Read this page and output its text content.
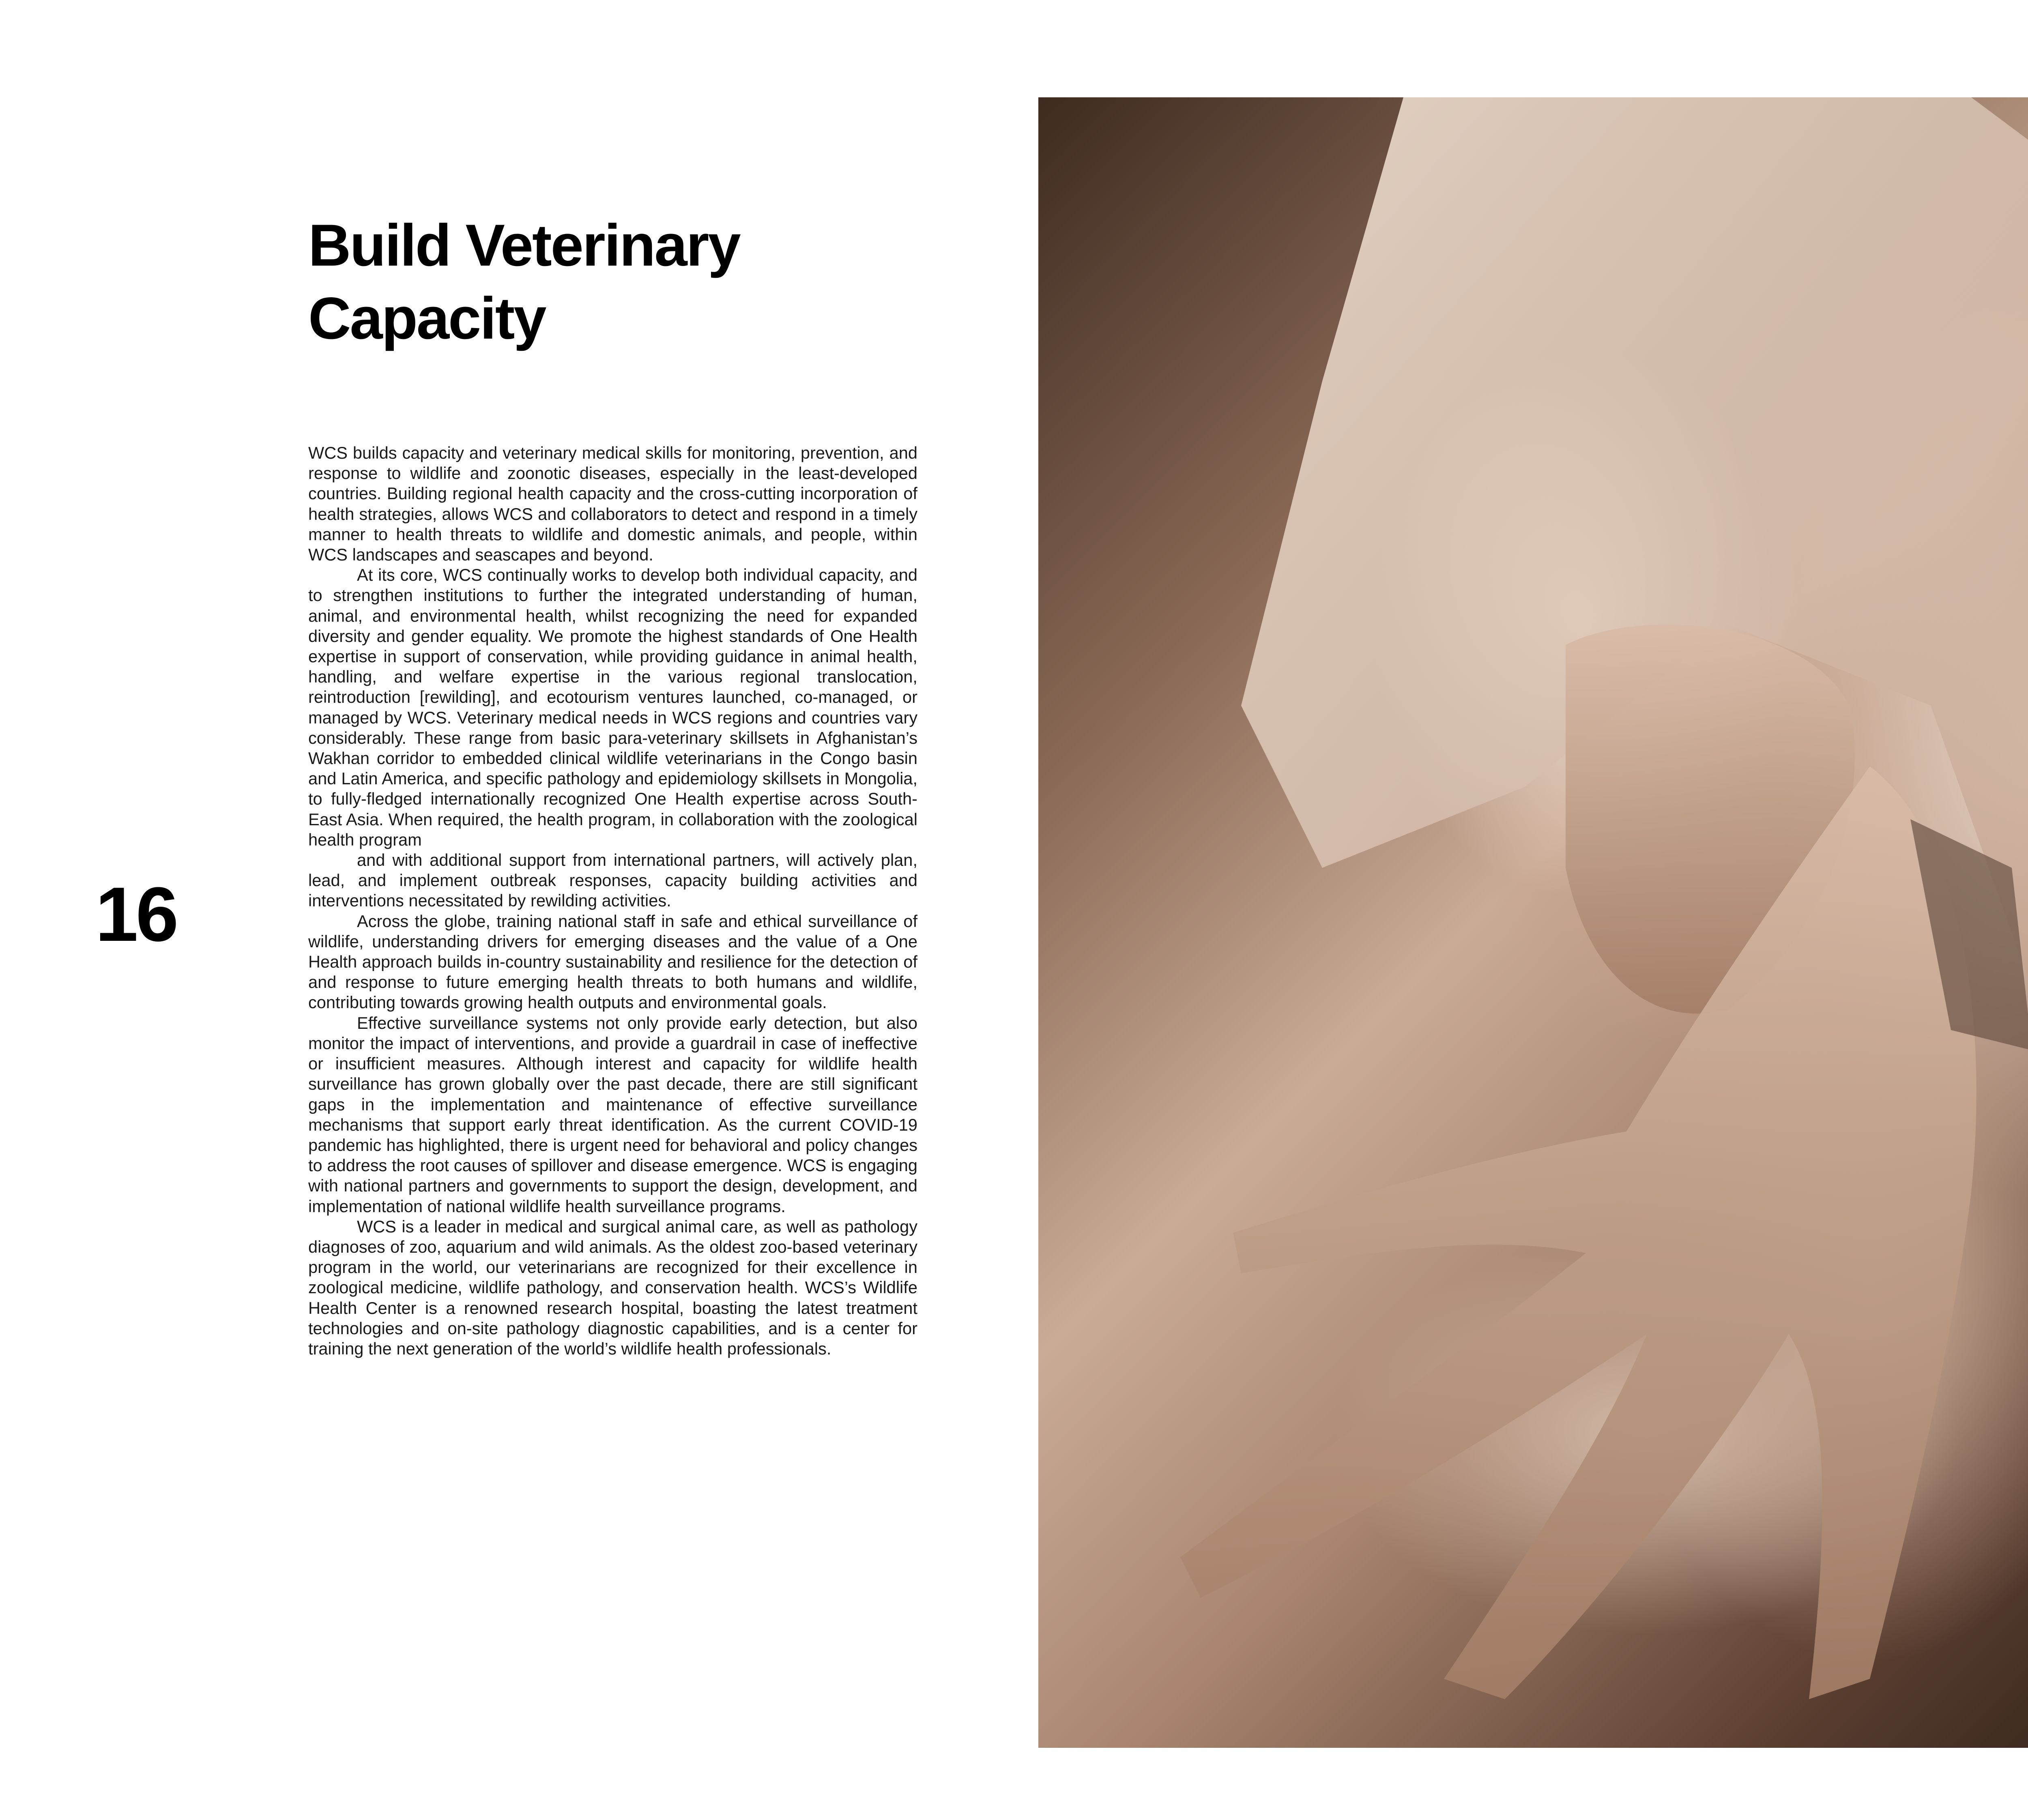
16
Build Veterinary
Capacity

WCS builds capacity and veterinary medical skills for monitoring, prevention, and response to wildlife and zoonotic diseases, especially in the least-developed countries. Building regional health capacity and the cross-cutting incorporation of health strategies, allows WCS and collaborators to detect and respond in a timely manner to health threats to wildlife and domestic animals, and people, within WCS landscapes and seascapes and beyond.

At its core, WCS continually works to develop both individual capacity, and to strengthen institutions to further the integrated understanding of human, animal, and environmental health, whilst recognizing the need for expanded diversity and gender equality. We promote the highest standards of One Health expertise in support of conservation, while providing guidance in animal health, handling, and welfare expertise in the various regional translocation, reintroduction [rewilding], and ecotourism ventures launched, co-managed, or managed by WCS. Veterinary medical needs in WCS regions and countries vary considerably. These range from basic para-veterinary skillsets in Afghanistan’s Wakhan corridor to embedded clinical wildlife veterinarians in the Congo basin and Latin America, and specific pathology and epidemiology skillsets in Mongolia, to fully-fledged internationally recognized One Health expertise across South-East Asia. When required, the health program, in collaboration with the zoological health program

and with additional support from international partners, will actively plan, lead, and implement outbreak responses, capacity building activities and interventions necessitated by rewilding activities.

Across the globe, training national staff in safe and ethical surveillance of wildlife, understanding drivers for emerging diseases and the value of a One Health approach builds in-country sustainability and resilience for the detection of and response to future emerging health threats to both humans and wildlife, contributing towards growing health outputs and environmental goals.

Effective surveillance systems not only provide early detection, but also monitor the impact of interventions, and provide a guardrail in case of ineffective or insufficient measures. Although interest and capacity for wildlife health surveillance has grown globally over the past decade, there are still significant gaps in the implementation and maintenance of effective surveillance mechanisms that support early threat identification. As the current COVID-19 pandemic has highlighted, there is urgent need for behavioral and policy changes to address the root causes of spillover and disease emergence. WCS is engaging with national partners and governments to support the design, development, and implementation of national wildlife health surveillance programs.

WCS is a leader in medical and surgical animal care, as well as pathology diagnoses of zoo, aquarium and wild animals. As the oldest zoo-based veterinary program in the world, our veterinarians are recognized for their excellence in zoological medicine, wildlife pathology, and conservation health. WCS’s Wildlife Health Center is a renowned research hospital, boasting the latest treatment technologies and on-site pathology diagnostic capabilities, and is a center for training the next generation of the world’s wildlife health professionals.
